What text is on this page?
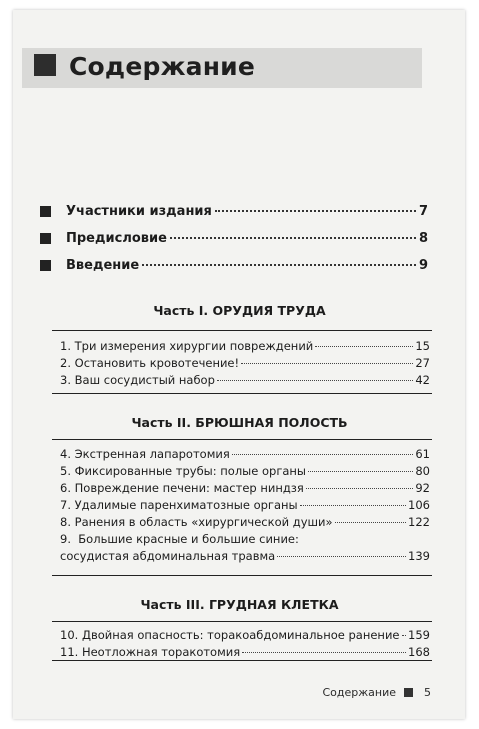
Содержание
Участники издания	7
Предисловие	8
Введение	9
Часть I. ОРУДИЯ ТРУДА
1.
Три измерения хирургии повреждений	15
2.
Остановить кровотечение!	27
3.
Ваш сосудистый набор	42
Часть II. БРЮШНАЯ ПОЛОСТЬ
4.
Экстренная лапаротомия	61
5.
Фиксированные трубы: полые органы	80
6.
Повреждение печени: мастер ниндзя	92
7.
Удалимые паренхиматозные органы	106
8.
Ранения в область «хирургической души»	122
9. Большие красные и большие синие:
сосудистая абдоминальная травма	139
Часть III. ГРУДНАЯ КЛЕТКА
10.
Двойная опасность: торакоабдоминальное ранение 159
11.
Неотложная торакотомия	168
Содержание	5
